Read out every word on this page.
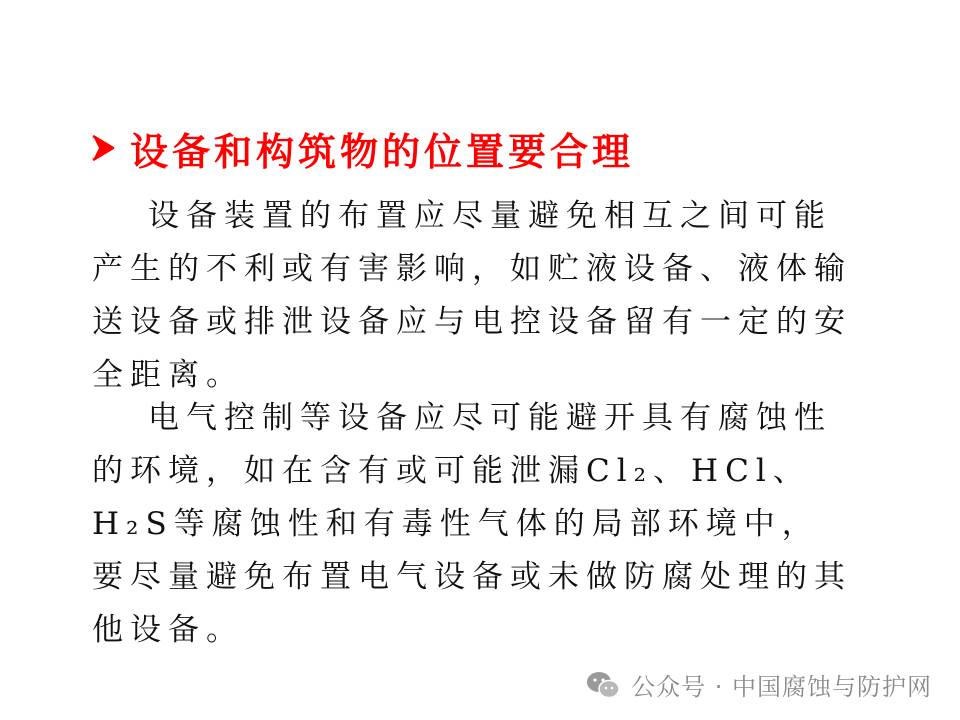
设备和构筑物的位置要合理

设备装置的布置应尽量避免相互之间可能产生的不利或有害影响，如贮液设备、液体输送设备或排泄设备应与电控设备留有一定的安全距离。

电气控制等设备应尽可能避开具有腐蚀性的环境，如在含有或可能泄漏Cl₂、HCl、H₂S等腐蚀性和有毒性气体的局部环境中，要尽量避免布置电气设备或未做防腐处理的其他设备。

公众号 · 中国腐蚀与防护网
